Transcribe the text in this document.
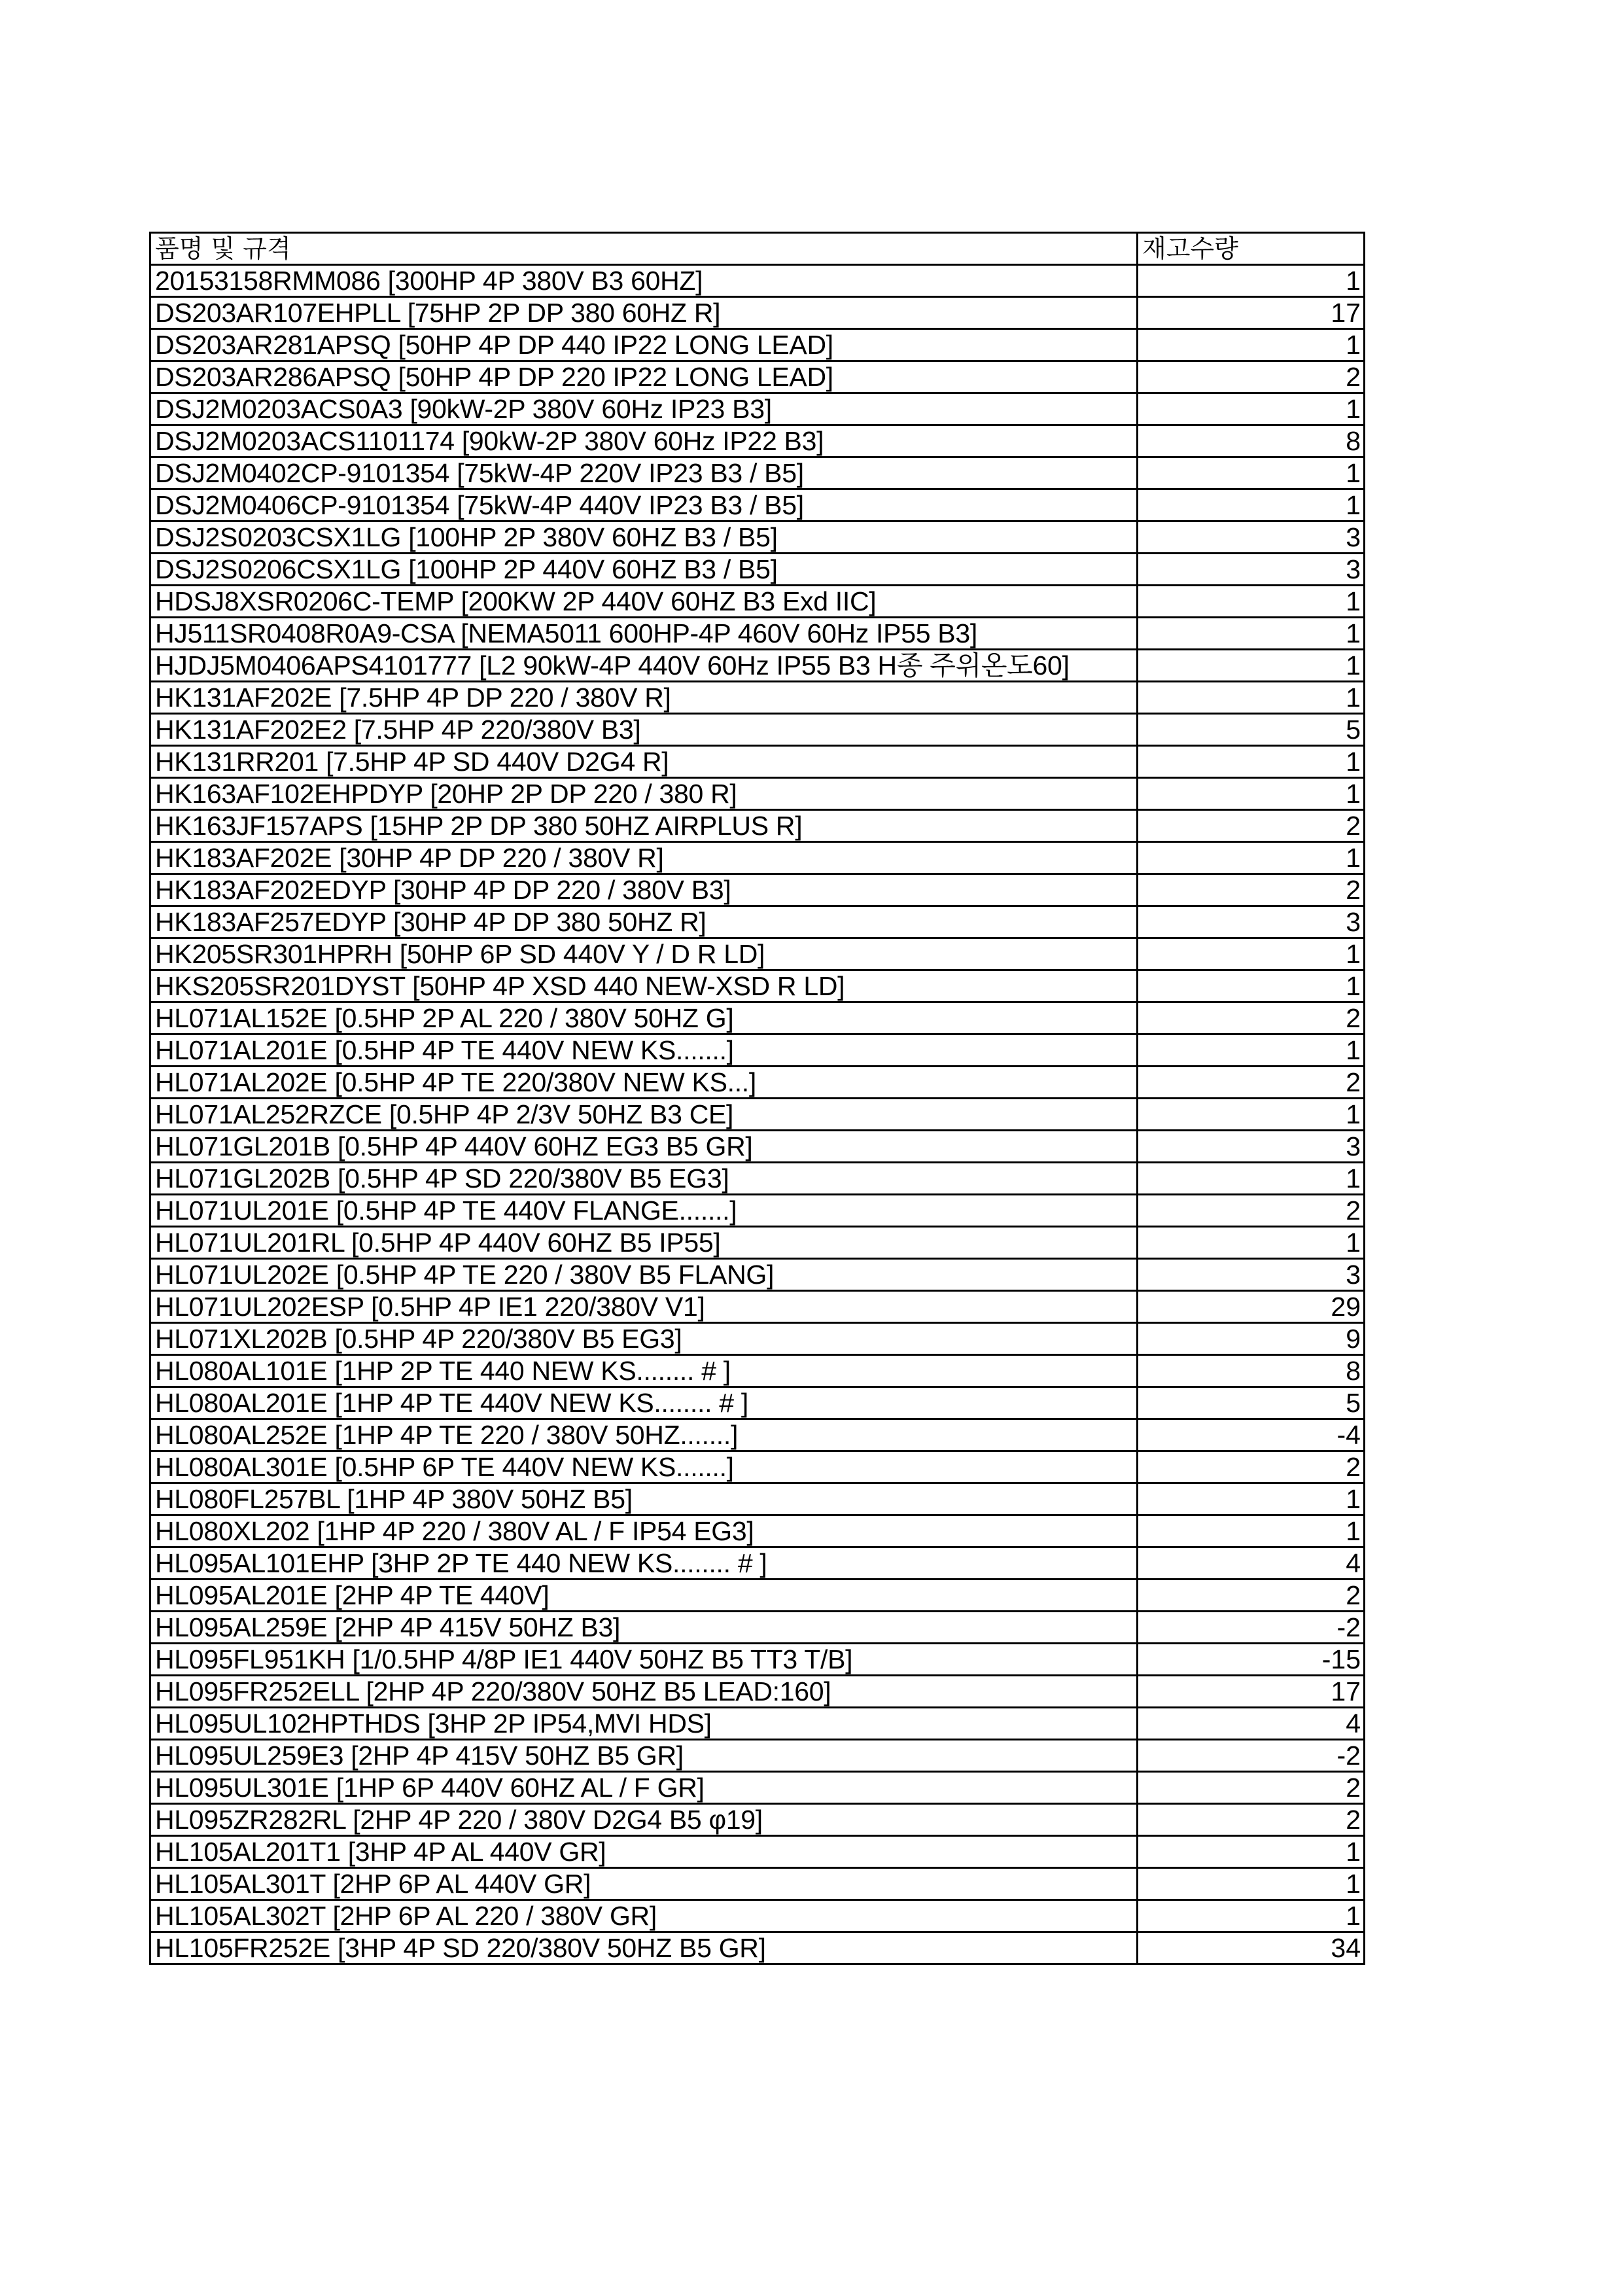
품명 및 규격	재고수량
20153158RMM086 [300HP 4P 380V B3 60HZ]	1
DS203AR107EHPLL [75HP 2P DP 380 60HZ R]	17
DS203AR281APSQ [50HP 4P DP 440 IP22 LONG LEAD]	1
DS203AR286APSQ [50HP 4P DP 220 IP22 LONG LEAD]	2
DSJ2M0203ACS0A3 [90kW-2P 380V 60Hz IP23 B3]	1
DSJ2M0203ACS1101174 [90kW-2P 380V 60Hz IP22 B3]	8
DSJ2M0402CP-9101354 [75kW-4P 220V IP23 B3 / B5]	1
DSJ2M0406CP-9101354 [75kW-4P 440V IP23 B3 / B5]	1
DSJ2S0203CSX1LG [100HP 2P 380V 60HZ B3 / B5]	3
DSJ2S0206CSX1LG [100HP 2P 440V 60HZ B3 / B5]	3
HDSJ8XSR0206C-TEMP [200KW 2P 440V 60HZ B3 Exd IIC]	1
HJ511SR0408R0A9-CSA [NEMA5011 600HP-4P 460V 60Hz IP55 B3]	1
HJDJ5M0406APS4101777 [L2 90kW-4P 440V 60Hz IP55 B3 H종 주위온도60]	1
HK131AF202E [7.5HP 4P DP 220 / 380V R]	1
HK131AF202E2 [7.5HP 4P 220/380V B3]	5
HK131RR201 [7.5HP 4P SD 440V D2G4 R]	1
HK163AF102EHPDYP [20HP 2P DP 220 / 380 R]	1
HK163JF157APS [15HP 2P DP 380 50HZ AIRPLUS R]	2
HK183AF202E [30HP 4P DP 220 / 380V R]	1
HK183AF202EDYP [30HP 4P DP 220 / 380V B3]	2
HK183AF257EDYP [30HP 4P DP 380 50HZ R]	3
HK205SR301HPRH [50HP 6P SD 440V Y / D R LD]	1
HKS205SR201DYST [50HP 4P XSD 440 NEW-XSD R LD]	1
HL071AL152E [0.5HP 2P AL 220 / 380V 50HZ G]	2
HL071AL201E [0.5HP 4P TE 440V NEW KS.......]	1
HL071AL202E [0.5HP 4P TE 220/380V NEW KS...]	2
HL071AL252RZCE [0.5HP 4P 2/3V 50HZ B3 CE]	1
HL071GL201B [0.5HP 4P 440V 60HZ EG3 B5 GR]	3
HL071GL202B [0.5HP 4P SD 220/380V B5 EG3]	1
HL071UL201E [0.5HP 4P TE 440V FLANGE.......]	2
HL071UL201RL [0.5HP 4P 440V 60HZ B5 IP55]	1
HL071UL202E [0.5HP 4P TE 220 / 380V B5 FLANG]	3
HL071UL202ESP [0.5HP 4P IE1 220/380V V1]	29
HL071XL202B [0.5HP 4P 220/380V B5 EG3]	9
HL080AL101E [1HP 2P TE 440 NEW KS........ # ]	8
HL080AL201E [1HP 4P TE 440V NEW KS........ # ]	5
HL080AL252E [1HP 4P TE 220 / 380V 50HZ.......]	-4
HL080AL301E [0.5HP 6P TE 440V NEW KS.......]	2
HL080FL257BL [1HP 4P 380V 50HZ B5]	1
HL080XL202 [1HP 4P 220 / 380V AL / F IP54 EG3]	1
HL095AL101EHP [3HP 2P TE 440 NEW KS........ # ]	4
HL095AL201E [2HP 4P TE 440V]	2
HL095AL259E [2HP 4P 415V 50HZ B3]	-2
HL095FL951KH [1/0.5HP 4/8P IE1 440V 50HZ B5 TT3 T/B]	-15
HL095FR252ELL [2HP 4P 220/380V 50HZ B5 LEAD:160]	17
HL095UL102HPTHDS [3HP 2P IP54,MVI HDS]	4
HL095UL259E3 [2HP 4P 415V 50HZ B5 GR]	-2
HL095UL301E [1HP 6P 440V 60HZ AL / F GR]	2
HL095ZR282RL [2HP 4P 220 / 380V D2G4 B5 φ19]	2
HL105AL201T1 [3HP 4P AL 440V GR]	1
HL105AL301T [2HP 6P AL 440V GR]	1
HL105AL302T [2HP 6P AL 220 / 380V GR]	1
HL105FR252E [3HP 4P SD 220/380V 50HZ B5 GR]	34
